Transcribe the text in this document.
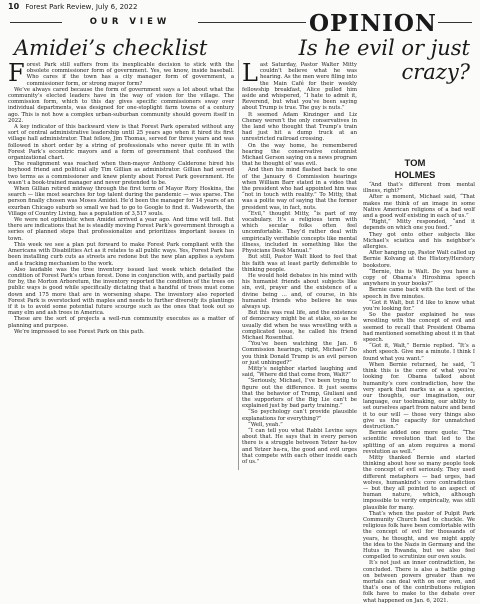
10 Forest Park Review, July 6, 2022
OUR VIEW	OPINION
Amidei’s checklist	Is he evil or just crazy?

Forest Park still suffers from its inexplicable decision to stick with the obsolete commissioner form of government. Yes, we know, inside baseball. Who cares if the town has a city manager form of government, a commissioner form, or strong mayor form?

We’ve always cared because the form of government says a lot about what the community’s elected leaders have in the way of vision for the village. The commission form, which to this day gives specific commissioners sway over individual departments, was designed for one-stoplight farm towns of a century ago. This is not how a complex urban-suburban community should govern itself in 2022.

A key indicator of this backward view is that Forest Park operated without any sort of central administrative leadership until 25 years ago when it hired its first village hall administrator. That fellow, Jim Thomas, served for three years and was followed in short order by a string of professionals who never quite fit in with Forest Park’s eccentric mayors and a form of government that confused the organizational chart.

The realignment was reached when then-mayor Anthony Calderone hired his boyhood friend and political ally Tim Gillian as administrator. Gillian had served two terms as a commissioner and knew plenty about Forest Park government. He wasn’t a book-trained manager and never pretended to be.

When Gillian retired midway through the first term of Mayor Rory Hoskins, the search — like most searches for top talent during the pandemic — was sparse. The person finally chosen was Moses Amidei. He’d been the manager for 14 years of an exurban Chicago suburb so small we had to go to Google to find it. Wadsworth, the Village of Country Living, has a population of 3,517 souls.

We were not optimistic when Amidei arrived a year ago. And time will tell. But there are indications that he is steadily moving Forest Park’s government through a series of planned steps that professionalize and prioritizes important issues in town.

This week we see a plan put forward to make Forest Park compliant with the Americans with Disabilities Act as it relates to all public ways. Yes, Forest Park has been installing curb cuts as streets are redone but the new plan applies a system and a tracking mechanism to the work.

Also laudable was the tree inventory issued last week which detailed the condition of Forest Park’s urban forest. Done in conjunction with, and partially paid for by, the Morton Arboretum, the inventory reported the condition of the trees on public ways is good while specifically dictating that a handful of trees must come down and 175 more that are in worsening shape. The inventory also reported Forest Park is overstocked with maples and needs to further diversify its plantings if it is to avoid some potential future scourge such as the ones that took out so many elm and ash trees in America.

These are the sort of projects a well-run community executes as a matter of planning and purpose.

We’re impressed to see Forest Park on this path.

Last Saturday, Pastor Walter Mitty couldn’t believe what he was hearing. As the men were filing into the Main Café for their weekly fellowship breakfast, Alice pulled him aside and whispered, “I hate to admit it, Reverend, but what you’ve been saying about Trump is true. The guy is nuts.”

It seemed Adam Kinzinger and Liz Cheney weren’t the only conservatives in the land who thought that Trump’s train had just hit a dump truck at an unrestricted railroad crossing.

On the way home, he remembered hearing the conservative columnist Michael Gerson saying on a news program that he thought ol’ was evil.

And then his mind flashed back to one of the January 6 Commission hearings when William Barr stated in a video that the president who had appointed him was “not in touch with reality.” To Mitty, that was a polite way of saying that the former president was, in fact, nuts.

“Evil,” thought Mitty, “is part of my vocabulary. It’s a religious term with which secular folks often feel uncomfortable. They’d rather deal with empirically verifiable concepts like mental illness, included in something like the Physicians Desk Manual.”

But still, Pastor Walt liked to feel that his faith was at least partly defensible to thinking people.

He would hold debates in his mind with his humanist friends about subjects like sin, evil, prayer and the existence of a divine being … and, of course, in his humanist friends who believe he was always up.

But this was real life, and the existence of democracy might be at stake, so as he usually did when he was wrestling with a complicated issue, he called his friend Michael Rosenthal.

“You’ve been watching the Jan. 6 Commission hearings, right, Michael? Do you think Donald Trump is an evil person or just unhinged?”

Mitty’s neighbor started laughing and said, “Where did that come from, Walt?”

“Seriously, Michael, I’ve been trying to figure out the difference. It just seems that the behavior of Trump, Giuliani and the supporters of the Big Lie can’t be explained just by bad party training.”

“So psychology can’t provide plausible explanations for everything?”

“Well, yeah.”

“I can tell you what Rabbi Levine says about that. He says that in every person there is a struggle between Yetzer ha-tov and Yetzer ha-ra, the good and evil urges that compete with each other inside each of us.”

“And that’s different from mental illness, right?”

After a moment, Michael said, “That makes me think of an image in some Native American religions of a bad wolf and a good wolf existing in each of us.”

“Right,” Mitty responded, “and it depends on which one you feed.”

They got onto other subjects like Michael’s sciatica and his neighbor’s allergies.

After hanging up, Pastor Walt called up Bernie Kolvang at the History/Herstory bookstore.

“Bernie, this is Walt. Do you have a copy of Obama’s Hiroshima speech anywhere in your books?”

Bernie came back with the text of the speech in five minutes.

“Got it Walt, but I’d like to know what you’re looking for.”

So the pastor explained he was wrestling with the concept of evil and seemed to recall that President Obama had mentioned something about it in that speech.

“Got it, Walt,” Bernie replied. “It’s a short speech. Give me a minute. I think I found what you want.”

When Bernie returned, he said, “I think this is the core of what you’re looking for. Obama talked about humanity’s core contradiction, how the very spark that marks us as a species, our thoughts, our imagination, our language, our toolmaking, our ability to set ourselves apart from nature and bend it to our will — those very things also give us the capacity for unmatched destruction.”

Bernie added one more quote: “The scientific revolution that led to the splitting of an atom requires a moral revolution as well.”

Mitty thanked Bernie and started thinking about how so many people took the concept of evil seriously. They used different metaphors — bad urges, bad wolves, humankind’s core contradiction — but they all pointed to an aspect of human nature, which, although impossible to verify empirically, was still plausible for many.

That’s when the pastor of Pulpit Park Community Church had to chuckle. We religious folk have been comfortable with the concept of evil for thousands of years, he thought, and we might apply the idea to the Nazis in Germany and the Hutus in Rwanda, but we also feel compelled to scrutinize our own souls.

It’s not just an inner contradiction, he concluded. There is also a battle going on between powers greater than we mortals can deal with on our own, and that’s one of the contributions religion folk have to make to the debate over what happened on Jan. 6, 2021.

TOM
HOLMES
